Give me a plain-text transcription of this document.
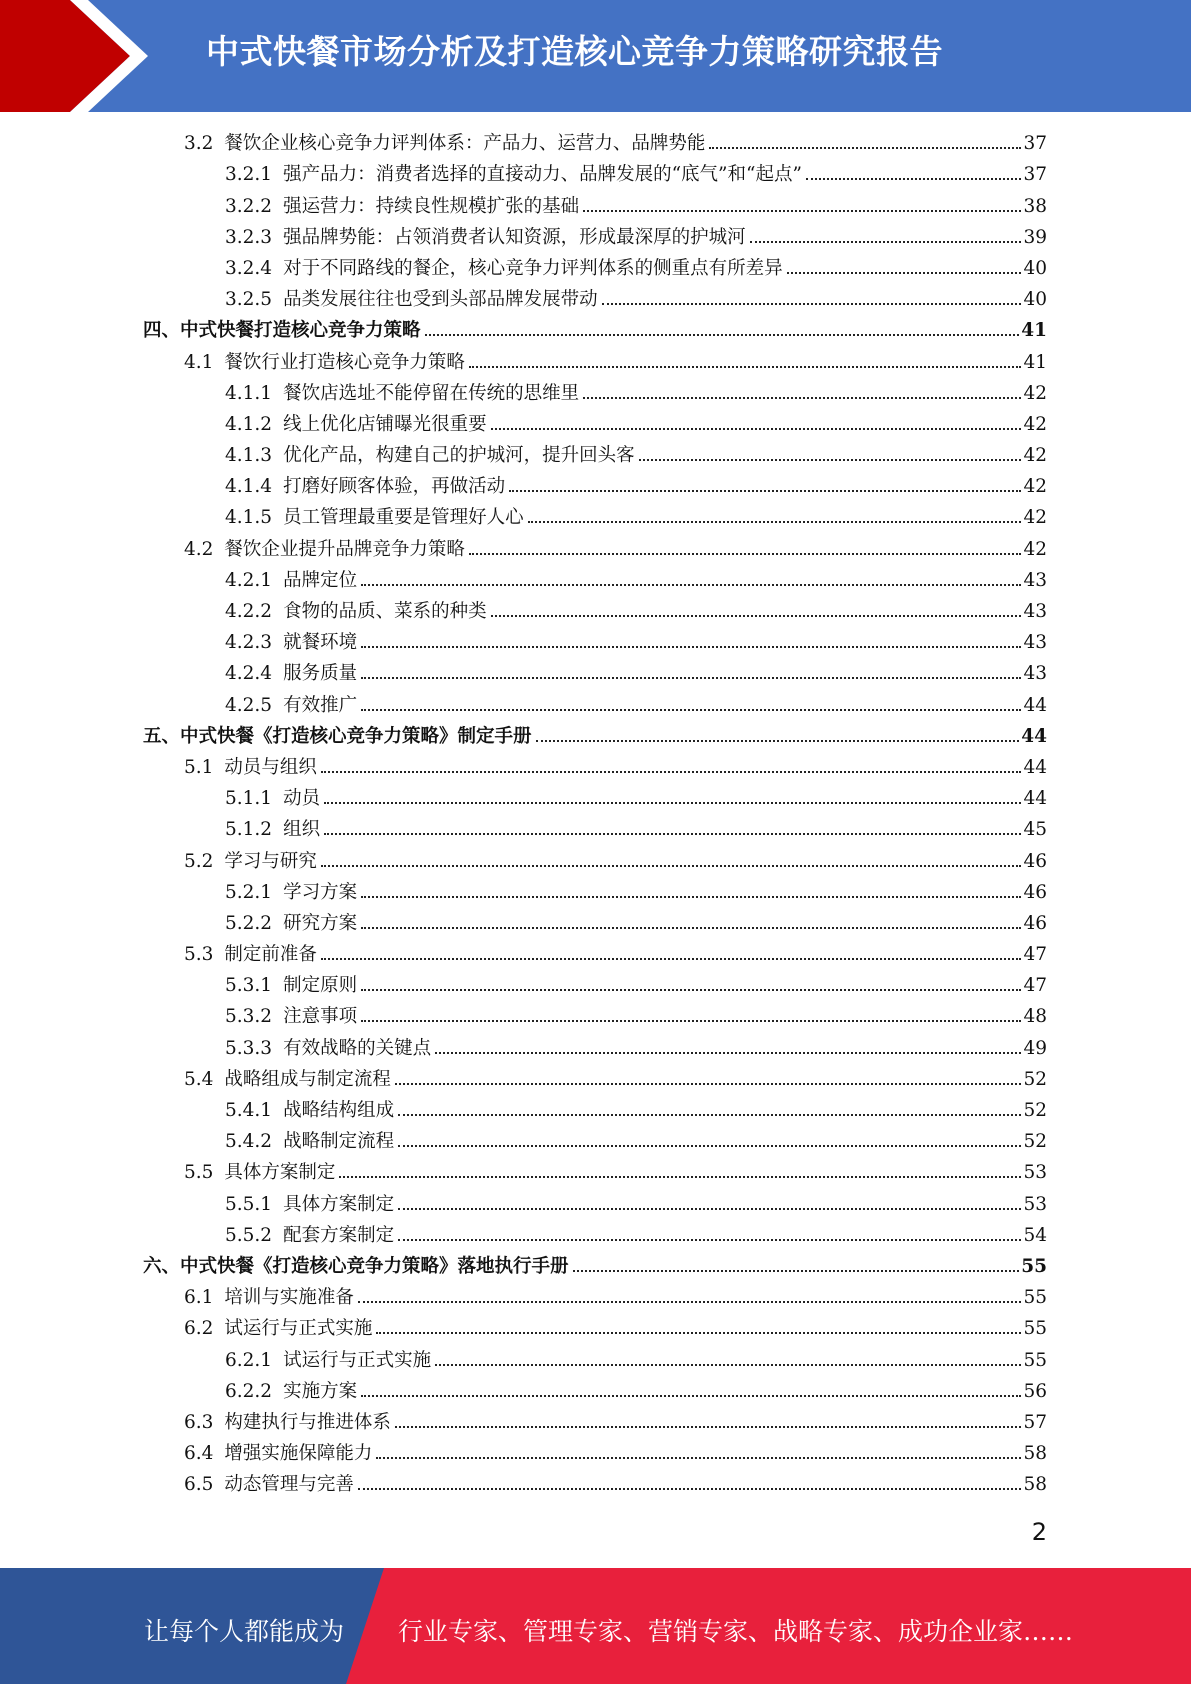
中式快餐市场分析及打造核心竞争力策略研究报告
3.2 餐饮企业核心竞争力评判体系：产品力、运营力、品牌势能	37
3.2.1 强产品力：消费者选择的直接动力、品牌发展的“底气”和“起点”	37
3.2.2 强运营力：持续良性规模扩张的基础	38
3.2.3 强品牌势能：占领消费者认知资源，形成最深厚的护城河	39
3.2.4 对于不同路线的餐企，核心竞争力评判体系的侧重点有所差异	40
3.2.5 品类发展往往也受到头部品牌发展带动	40
四、中式快餐打造核心竞争力策略	41
4.1 餐饮行业打造核心竞争力策略	41
4.1.1 餐饮店选址不能停留在传统的思维里	42
4.1.2 线上优化店铺曝光很重要	42
4.1.3 优化产品，构建自己的护城河，提升回头客	42
4.1.4 打磨好顾客体验，再做活动	42
4.1.5 员工管理最重要是管理好人心	42
4.2 餐饮企业提升品牌竞争力策略	42
4.2.1 品牌定位	43
4.2.2 食物的品质、菜系的种类	43
4.2.3 就餐环境	43
4.2.4 服务质量	43
4.2.5 有效推广	44
五、中式快餐《打造核心竞争力策略》制定手册	44
5.1 动员与组织	44
5.1.1 动员	44
5.1.2 组织	45
5.2 学习与研究	46
5.2.1 学习方案	46
5.2.2 研究方案	46
5.3 制定前准备	47
5.3.1 制定原则	47
5.3.2 注意事项	48
5.3.3 有效战略的关键点	49
5.4 战略组成与制定流程	52
5.4.1 战略结构组成	52
5.4.2 战略制定流程	52
5.5 具体方案制定	53
5.5.1 具体方案制定	53
5.5.2 配套方案制定	54
六、中式快餐《打造核心竞争力策略》落地执行手册	55
6.1 培训与实施准备	55
6.2 试运行与正式实施	55
6.2.1 试运行与正式实施	55
6.2.2 实施方案	56
6.3 构建执行与推进体系	57
6.4 增强实施保障能力	58
6.5 动态管理与完善	58
2
让每个人都能成为 行业专家、管理专家、营销专家、战略专家、成功企业家……
